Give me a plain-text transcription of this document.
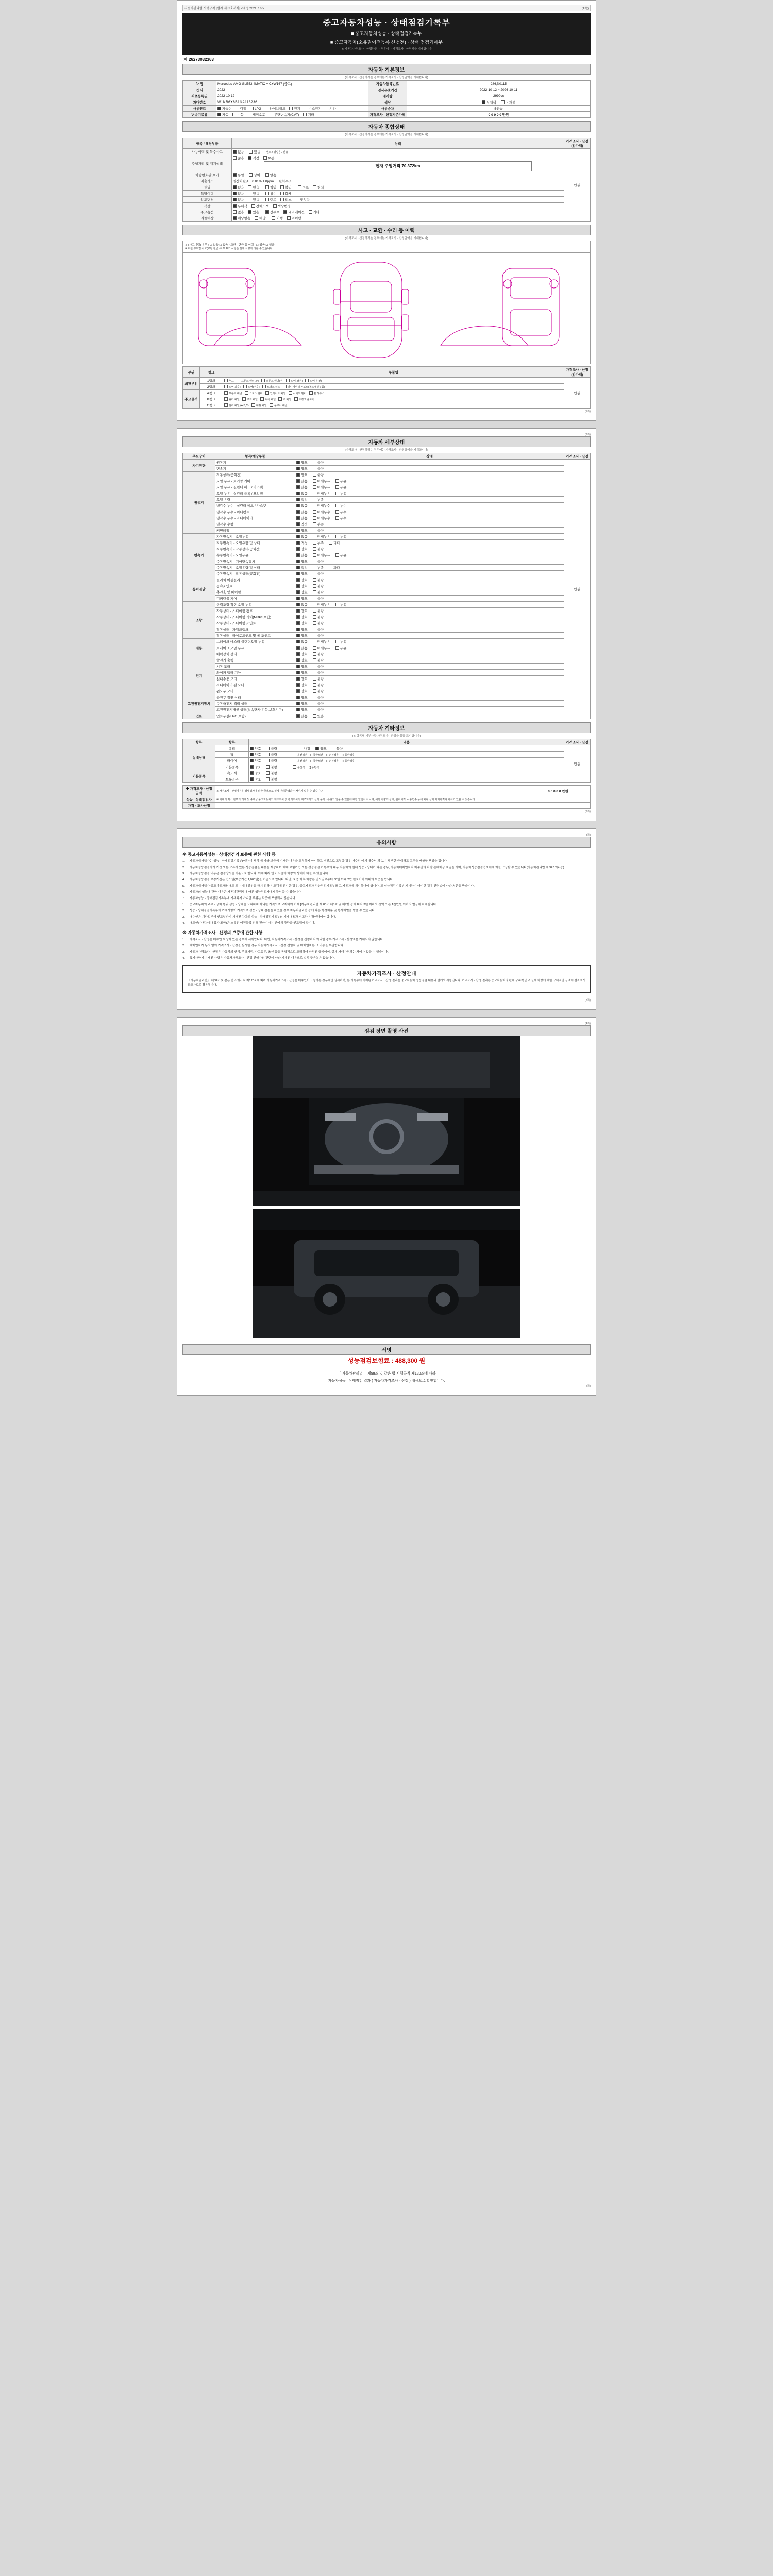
자동차관리법 시행규칙 [별지 제82호서식] <개정 2021.7.6.>	(1쪽)
중고자동차성능 · 상태점검기록부
■ 중고자동차성능 · 상태점검기록부
■ 중고자동차(소유권이전등록 신청전) · 상태 점검기록부
※ 자동차가격조사 · 산정하려는 경우에는 가격조사 · 산정액을 기재합니다
제 26273032363
자동차 기본정보
(가격조사 · 산정하려는 경우에는 가격조사 · 산정금액을 기재합니다)
차 명	Mercedes-AMG GLE53 4MATIC + C+W167 (중고)	자동차등록번호	286요0115
연 식	2022	검사유효기간	2022-10-12 ~ 2026-10-11
최초등록일	2022-10-12	배기량	2999cc
차대번호	W1NR6X8B1NA113236	색상	무채색 유채색
사용연료	가솔린 디젤 LPG 하이브리드 전기 수소전기 기타	사용승차	5인승
변속기종류	자동 수동 세미오토 무단변속기(CVT) 기타	가격조사 · 산정기준가액	0 0 0 0 0 만원
자동차 종합상태
(가격조사 · 산정하려는 경우에는 가격조사 · 산정금액을 기재합니다)
항목 / 해당부품	상태	가격조사 · 산정 (감가액)
사용이력 및 특수사고	없음 있음 렌트 / 영업용 / 관용	만원
주행거리 및 계기상태	많음 적정 보통
현재 주행거리 70,372km	

차량번호판 표기	동일 상이 없음	
배출가스	일산화탄소 0.01% 1.0ppm 탄화수소	
튜닝	없음 있음 적법 불법 구조 장치	
특별이력	없음 있음 침수 화재	
용도변경	없음 있음 렌트 리스 영업용	
색상	무채색 전체도색 색상변경	
주요옵션	없음 있음 썬루프 내비게이션 기타	
리콜대상	해당없음 해당 이행 미이행	
사고 · 교환 · 수리 등 이력
(가격조사 · 산정하려는 경우에는 가격조사 · 산정금액을 기재합니다)
※ (사고이력) 유무 : ☑ 없음 ☐ 있음 / 교환 · 판금 등 이력 : ☐ 없음 ☑ 있음
※ 하단 부위별 사고(교환·판금) 여부 표기 사항은 실제 차량과 다를 수 있습니다.
부위	랭크	부품명	가격조사 · 산정 (감가액)
외판부위	1랭크	후드 프론트 펜더(좌) 프론트 펜더(우) 도어(좌전) 도어(우전)	만원
	2랭크	도어(좌후) 도어(우후) 트렁크 리드 라디에이터 서포트(볼트체결부품)	
주요골격	A랭크	프론트 패널 크로스 멤버 인사이드 패널 사이드 멤버 휠 하우스	
	B랭크	쿼터 패널 루프 패널 리어 패널 백 패널 트렁크 플로어	
	C랭크	필러 패널 (A,B,C) 대쉬 패널 플로어 패널	
(1쪽)
(2쪽)
자동차 세부상태
(가격조사 · 산정하려는 경우에는 가격조사 · 산정금액을 기재합니다)
주요장치	항목/해당부품	상태	가격조사 · 산정
자기진단	원동기	양호 불량	만원
	변속기	양호 불량	
원동기	작동상태(공회전)	양호 불량	
	오일 누유 - 로커암 커버	없음 미세누유 누유	
	오일 누유 - 실린더 헤드 / 가스켓	없음 미세누유 누유	
	오일 누유 - 실린더 블록 / 오일팬	없음 미세누유 누유	
	오일 유량	적정 부족	
	냉각수 누수 - 실린더 헤드 / 가스켓	없음 미세누수 누수	
	냉각수 누수 - 워터펌프	없음 미세누수 누수	
	냉각수 누수 - 라디에이터	없음 미세누수 누수	
	냉각수 수량	적정 부족	
	커먼레일	양호 불량	
변속기	자동변속기 - 오일누유	없음 미세누유 누유	
	자동변속기 - 오일유량 및 상태	적정 부족 과다	
	자동변속기 - 작동상태(공회전)	양호 불량	
	수동변속기 - 오일누유	없음 미세누유 누유	
	수동변속기 - 기어변속장치	양호 불량	
	수동변속기 - 오일유량 및 상태	적정 부족 과다	
	수동변속기 - 작동상태(공회전)	양호 불량	
동력전달	클러치 어셈블리	양호 불량	
	등속조인트	양호 불량	
	추진축 및 베어링	양호 불량	
	디퍼렌셜 기어	양호 불량	
조향	동력조향 작동 오일 누유	없음 미세누유 누유	
	작동상태 - 스티어링 펌프	양호 불량	
	작동상태 - 스티어링 기어(MDPS포함)	양호 불량	
	작동상태 - 스티어링 조인트	양호 불량	
	작동상태 - 파워크랭크	양호 불량	
	작동상태 - 타이로드엔드 및 볼 조인트	양호 불량	
제동	브레이크 마스터 실린더오일 누유	없음 미세누유 누유	
	브레이크 오일 누유	없음 미세누유 누유	
	배력장치 상태	양호 불량	
전기	발전기 출력	양호 불량	
	시동 모터	양호 불량	
	와이퍼 델타 기능	양호 불량	
	실내송풍 모터	양호 불량	
	라디에이터 팬 모터	양호 불량	
	윈도우 모터	양호 불량	
고전원전기장치	충전구 절연 상태	양호 불량	
	구동축전지 격리 상태	양호 불량	
	고전원전기배선 상태(접속단자,피복,보호기구)	양호 불량	
연료	연료누설(LPG 포함)	없음 있음	
자동차 기타정보
(※ 항목별 세부사항 가격조사 · 산정을 꼼꼼 표시합니다)
항목	항목	내용	가격조사 · 산정
실내상태	유리	양호 불량 내장 양호 불량	만원
	휠	양호 불량 운전석전 [ ] 동반석전 [ ] 운전석후 [ ] 동반석후	
	타이어	양호 불량 운전석전 [ ] 동반석전 [ ] 운전석후 [ ] 동반석후	
	기본품목	양호 불량 운전석 [ ] 동반석	
기본품목	속도계	양호 불량	
	보유공구	양호 불량	
※ 가격조사 · 산정 금액	※ 가격조사 · 산정가격은 상태평가에 의한 금액으로 실제 거래금액과는 차이가 있을 수 있습니다	0 0 0 0 0 만원
성능 · 상태점검자	※ 아래의 최소 할부의 거래 및 중개금 중고자동차의 제조회사 및 관계회사의 제조회사의 실사 품목 · 부위의 인용 수 있음에 대한 알림이 아니며, 해당 차량의 상태, 관리이력, 사용연수 등에 따라 실제 매매가격과 차이가 있을 수 있습니다	
가격 · 조사산정		
(2쪽)
(3쪽)
유의사항
※ 중고자동차성능 · 상태점검의 보증에 관한 사항 등

1. 자동차매매업자는 성능 · 상태점검기록부(이하 이 서식 에 따라 보증에 기재한 내용을 교부하지 아니하고 거짓으로 교부할 경우 매수인 에게 매수인 과 보기 발생한 중대하고 고객을 배상할 책임을 집니다.

2. 자동차성능점검자가 거짓 또는 오류가 있는 성능점검을 내용을 제공하여 매매 보험가입 또는 성능점검 기록부의 내용 자동차의 실제 성능 · 상태가 다른 경우, 자동차매매업자와 매수인의 차량 손해배상 책임을 지며, 자동차성능점검업자에게 이를 구상할 수 있습니다(자동차관리법 제58조의4 등).

3. 자동차성능점검 내용은 점검당시를 기준으로 합니다. 이에 따라 인도 시점에 차량의 상태가 다를 수 있습니다.

4. 자동차성능점검 보장기간은 인도일(보증기간 1,000일)을 기준으로 합니다. 다만, 보증 이후 차량은 인도일로부터 30일 이내 2만 킬로미터 이내의 보증을 합니다.

5. 자동차매매업자 중고자동차를 매도 또는 매매알선을 하기 위하여 고객에 전시한 경우, 중고자동차 성능점검기록부를 그 자동차에 게시하여야 합니다. 또 성능점검기록부 게시하지 아니한 경우 관련법에 따라 처분을 받습니다.

6. 자동차의 성능에 관한 내용은 자동차관리법에 따른 성능점검자에게 확인할 수 있습니다.

7. 자동차성능 · 상태점검기록부에 기재되지 아니한 부위는 보증에 포함되지 않습니다.

1. 중고자동차의 주요 · 장치 행위 성능 · 상태를 고지하지 아니한 거짓으로 고지하여 거래 [자동차관리법 제 80조 제8호 및 제7항 등에 따라 3년 이하의 징역 또는 1천만원 이하의 벌금에 처해집니다.

2. 성능 · 상태점검기록부에 기재사항이 거짓으로 성능 · 상태 점검을 하였을 경우 자동차관리법 등에 따른 행정처분 및 형사처벌을 받을 수 있습니다.

3. 매수인은 계약일부터 인도일까지 거래된 차량의 성능 · 상태점검기록부의 기재내용과 비교하여 확인하여야 합니다.

4. 매도인(자동차매매업자 포함)은 소유권 이전등록 신청 전까지 매수인에게 차량을 인도해야 합니다.

※ 자동차가격조사 · 산정의 보증에 관한 사항

1. 가격조사 · 산정은 매수인 요청이 있는 경우에 시행합니다. 다만, 자동차가격조사 · 산정을 신청하지 아니한 경우 가격조사 · 산정액은 기재되지 않습니다.

2. 매매업자가 동의 없이 가격조사 · 산정을 실시한 경우 자동차가격조사 · 산정 선임자 및 매매업자는 그 비용을 부담합니다.

3. 자동차가격조사 · 산정은 자동차의 연식, 주행거리, 사고유무, 옵션 등을 종합적으로 고려하여 산정된 금액이며, 실제 거래가격과는 차이가 있을 수 있습니다.

4. 특기사항에 기재된 사항은 자동차가격조사 · 산정 선임자의 판단에 따라 기재된 내용으로 법적 구속력은 없습니다.

자동차가격조사 · 산정안내

「자동차관리법」 제58조 및 같은 법 시행규칙 제120조에 따라 자동차가격조사 · 산정은 매수인이 요청하는 경우에만 실시하며, 본 기록부에 기재된 가격조사 · 산정 결과는 중고자동차 성능점검 내용과 별개의 사항입니다. 가격조사 · 산정 결과는 중고자동차의 판매 구속력 없고 실제 차량에 대한 구체적인 금액에 결과로서 참고자료로 활용됩니다.

(3쪽)
(4쪽)
점검 장면 촬영 사진
서명
성능점검보험료 : 488,300 원
「 자동차관리법」 제58조 및 같은 법 시행규칙 제120조에 따라
자동차성능 · 상태점검 결과 ( 자동차가격조사 · 산정 ) 내용으로 확인합니다.
(4쪽)
